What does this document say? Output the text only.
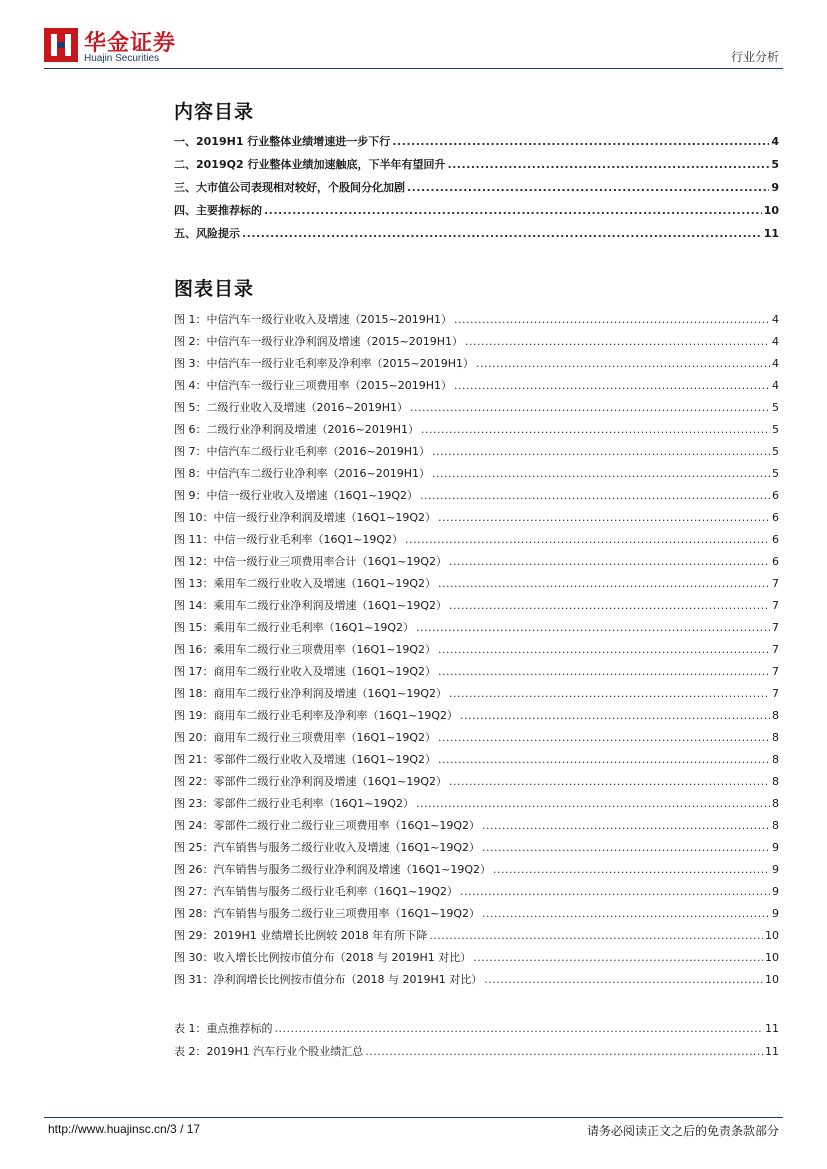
华金证券
Huajin Securities	行业分析
内容目录
一、2019H1 行业整体业绩增速进一步下行 .....	4
二、2019Q2 行业整体业绩加速触底，下半年有望回升 .....	5
三、大市值公司表现相对较好，个股间分化加剧 .....	9
四、主要推荐标的 .....	10
五、风险提示 .....	11
图表目录
图 1：中信汽车一级行业收入及增速（2015~2019H1） .....	4
图 2：中信汽车一级行业净利润及增速（2015~2019H1） .....	4
图 3：中信汽车一级行业毛利率及净利率（2015~2019H1） .....	4
图 4：中信汽车一级行业三项费用率（2015~2019H1） .....	4
图 5：二级行业收入及增速（2016~2019H1） .....	5
图 6：二级行业净利润及增速（2016~2019H1） .....	5
图 7：中信汽车二级行业毛利率（2016~2019H1） .....	5
图 8：中信汽车二级行业净利率（2016~2019H1） .....	5
图 9：中信一级行业收入及增速（16Q1~19Q2） .....	6
图 10：中信一级行业净利润及增速（16Q1~19Q2） .....	6
图 11：中信一级行业毛利率（16Q1~19Q2） .....	6
图 12：中信一级行业三项费用率合计（16Q1~19Q2） .....	6
图 13：乘用车二级行业收入及增速（16Q1~19Q2） .....	7
图 14：乘用车二级行业净利润及增速（16Q1~19Q2） .....	7
图 15：乘用车二级行业毛利率（16Q1~19Q2） .....	7
图 16：乘用车二级行业三项费用率（16Q1~19Q2） .....	7
图 17：商用车二级行业收入及增速（16Q1~19Q2） .....	7
图 18：商用车二级行业净利润及增速（16Q1~19Q2） .....	7
图 19：商用车二级行业毛利率及净利率（16Q1~19Q2） .....	8
图 20：商用车二级行业三项费用率（16Q1~19Q2） .....	8
图 21：零部件二级行业收入及增速（16Q1~19Q2） .....	8
图 22：零部件二级行业净利润及增速（16Q1~19Q2） .....	8
图 23：零部件二级行业毛利率（16Q1~19Q2） .....	8
图 24：零部件二级行业二级行业三项费用率（16Q1~19Q2） .....	8
图 25：汽车销售与服务二级行业收入及增速（16Q1~19Q2） .....	9
图 26：汽车销售与服务二级行业净利润及增速（16Q1~19Q2） .....	9
图 27：汽车销售与服务二级行业毛利率（16Q1~19Q2） .....	9
图 28：汽车销售与服务二级行业三项费用率（16Q1~19Q2） .....	9
图 29：2019H1 业绩增长比例较 2018 年有所下降 .....	10
图 30：收入增长比例按市值分布（2018 与 2019H1 对比） .....	10
图 31：净利润增长比例按市值分布（2018 与 2019H1 对比） .....	10
表 1：重点推荐标的 .....	11
表 2：2019H1 汽车行业个股业绩汇总 .....	11
http://www.huajinsc.cn/3 / 17	请务必阅读正文之后的免责条款部分
